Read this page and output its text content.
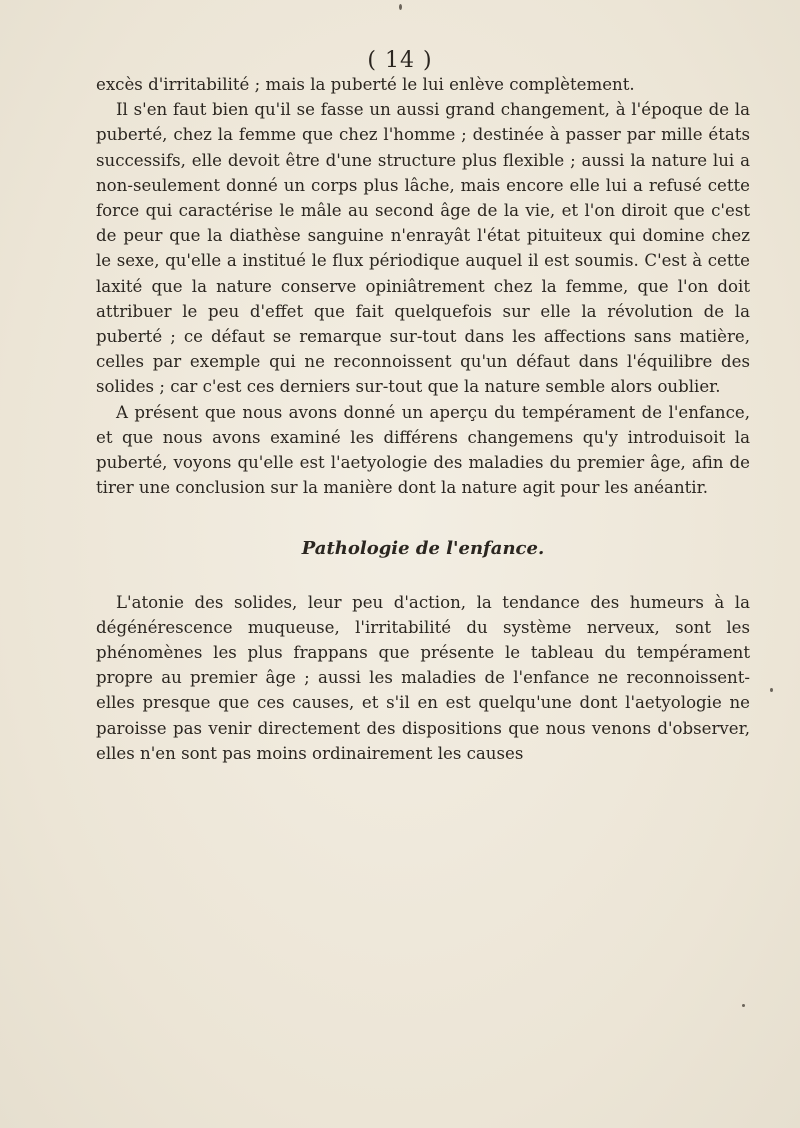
( 14 )

excès d'irritabilité ; mais la puberté le lui enlève complètement.

Il s'en faut bien qu'il se fasse un aussi grand changement, à l'époque de la puberté, chez la femme que chez l'homme ; destinée à passer par mille états successifs, elle devoit être d'une structure plus flexible ; aussi la nature lui a non-seulement donné un corps plus lâche, mais encore elle lui a refusé cette force qui caractérise le mâle au second âge de la vie, et l'on diroit que c'est de peur que la diathèse sanguine n'enrayât l'état pituiteux qui domine chez le sexe, qu'elle a institué le flux périodique auquel il est soumis. C'est à cette laxité que la nature conserve opiniâtrement chez la femme, que l'on doit attribuer le peu d'effet que fait quelquefois sur elle la révolution de la puberté ; ce défaut se remarque sur-tout dans les affections sans matière, celles par exemple qui ne reconnoissent qu'un défaut dans l'équilibre des solides ; car c'est ces derniers sur-tout que la nature semble alors oublier.

A présent que nous avons donné un aperçu du tempérament de l'enfance, et que nous avons examiné les différens changemens qu'y introduisoit la puberté, voyons qu'elle est l'aetyologie des maladies du premier âge, afin de tirer une conclusion sur la manière dont la nature agit pour les anéantir.

Pathologie de l'enfance.

L'atonie des solides, leur peu d'action, la tendance des humeurs à la dégénérescence muqueuse, l'irritabilité du système nerveux, sont les phénomènes les plus frappans que présente le tableau du tempérament propre au premier âge ; aussi les maladies de l'enfance ne reconnoissent-elles presque que ces causes, et s'il en est quelqu'une dont l'aetyologie ne paroisse pas venir directement des dispositions que nous venons d'observer, elles n'en sont pas moins ordinairement les causes
